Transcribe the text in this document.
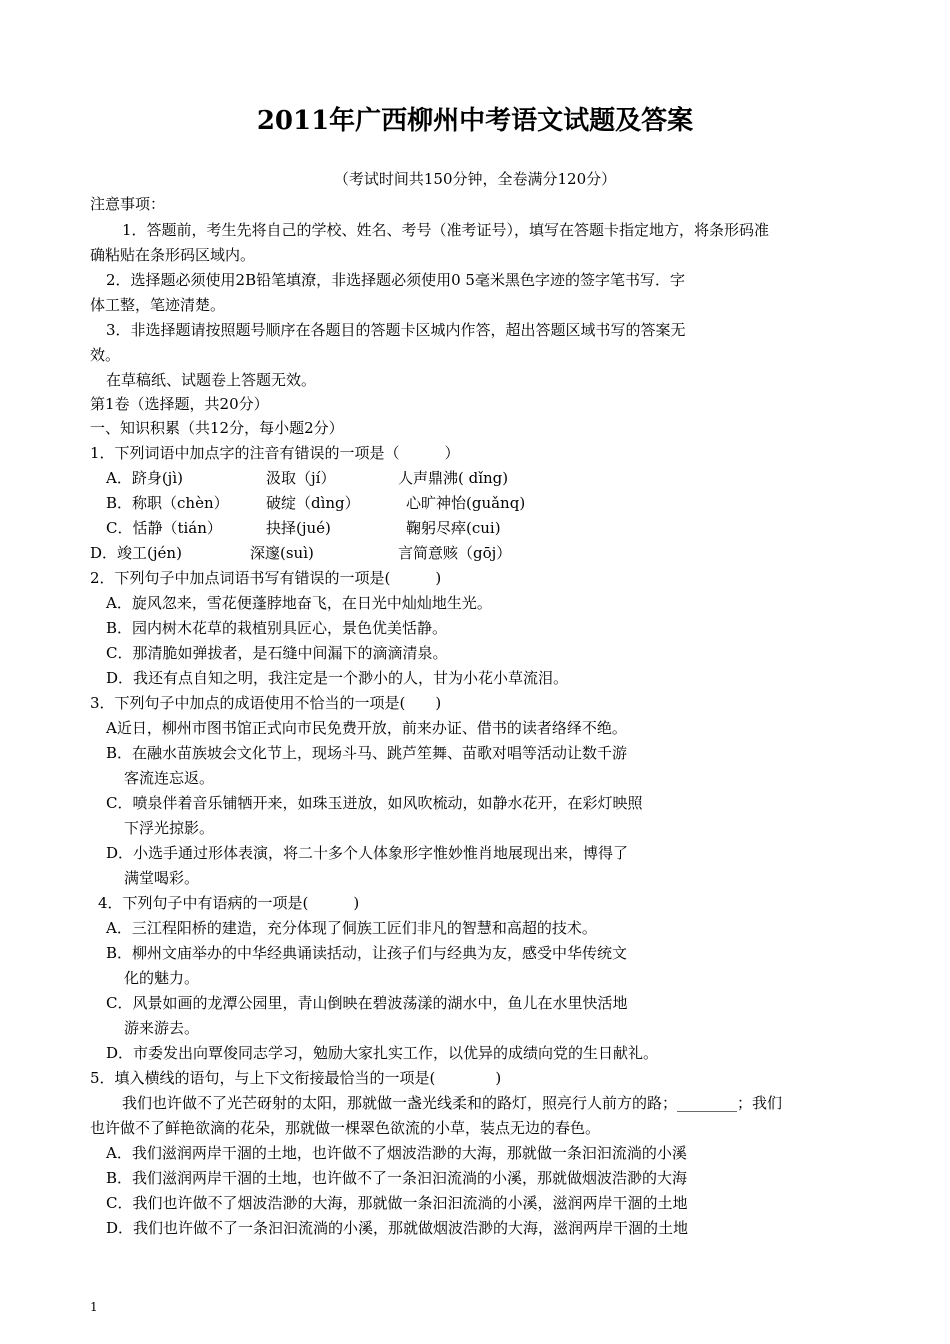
2011年广西柳州中考语文试题及答案
（考试时间共150分钟，全卷满分120分）
注意事项：
1．答题前，考生先将自己的学校、姓名、考号（准考证号），填写在答题卡指定地方，将条形码准
确粘贴在条形码区域内。
2．选择题必须使用2B铅笔填潦，非选择题必须使用0 5毫米黑色字迹的签字笔书写．字
体工整，笔迹清楚。
3．非选择题请按照题号顺序在各题目的答题卡区城内作答，超出答题区域书写的答案无
效。
在草稿纸、试题卷上答题无效。
第1卷（选择题，共20分）
一、知识积累（共12分，每小题2分）
1．下列词语中加点字的注音有错误的一项是（　　　）
A．跻身(jì)	汲取（jí）	人声鼎沸( dǐng)
B．称职（chèn） 破绽（dìng）	心旷神怡(guǎnq)
C．恬静（tián）	抉择(jué)	鞠躬尽瘁(cui)
D．竣工(jén)	深邃(suì)	言简意赅（gōj）
2．下列句子中加点词语书写有错误的一项是(　　　)
A．旋风忽来，雪花便蓬脖地奋飞，在日光中灿灿地生光。
B．园内树木花草的栽植别具匠心，景色优美恬静。
C．那清脆如弹拔者，是石缝中间漏下的滴滴清泉。
D．我还有点自知之明，我注定是一个渺小的人，甘为小花小草流泪。
3．下列句子中加点的成语使用不恰当的一项是(　　)
A近日，柳州市图书馆正式向市民免费开放，前来办证、借书的读者络绎不绝。
B．在融水苗族坡会文化节上，现场斗马、跳芦笙舞、苗歌对唱等活动让数千游
客流连忘返。
C．喷泉伴着音乐铺牺开来，如珠玉迸放，如风吹梳动，如静水花开，在彩灯映照
下浮光掠影。
D．小选手通过形体表演，将二十多个人体象形字惟妙惟肖地展现出来，博得了
满堂喝彩。
4．下列句子中有语病的一项是(　　　)
A．三江程阳桥的建造，充分体现了侗族工匠们非凡的智慧和高超的技术。
B．柳州文庙举办的中华经典诵读括动，让孩子们与经典为友，感受中华传统文
化的魅力。
C．风景如画的龙潭公园里，青山倒映在碧波荡漾的湖水中，鱼儿在水里快活地
游来游去。
D．市委发出向覃俊同志学习，勉励大家扎实工作，以优异的成绩向党的生日献礼。
5．填入横线的语句，与上下文衔接最恰当的一项是(　　　　)
我们也许做不了光芒砑射的太阳，那就做一盏光线柔和的路灯，照亮行人前方的路；________；我们
也许做不了鲜艳欲滴的花朵，那就做一棵翠色欲流的小草，装点无边的春色。
A．我们滋润两岸干涸的土地，也许做不了烟波浩渺的大海，那就做一条汩汩流淌的小溪
B．我们滋润两岸干涸的土地，也许做不了一条汩汩流淌的小溪，那就做烟波浩渺的大海
C．我们也许做不了烟波浩渺的大海，那就做一条汩汩流淌的小溪，滋润两岸干涸的土地
D．我们也许做不了一条汩汩流淌的小溪，那就做烟波浩渺的大海，滋润两岸干涸的土地
1
